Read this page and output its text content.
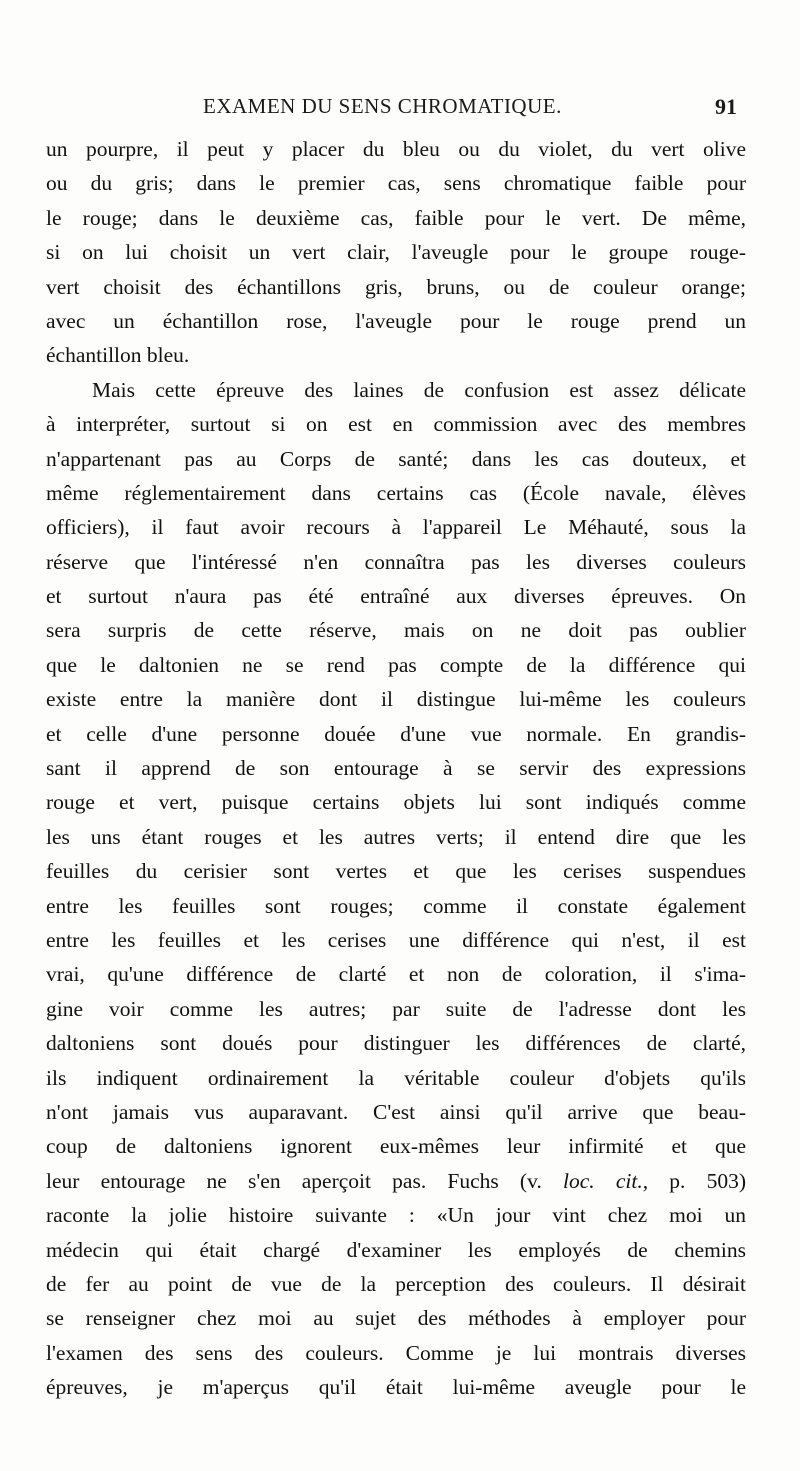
EXAMEN DU SENS CHROMATIQUE.	91
un pourpre, il peut y placer du bleu ou du violet, du vert olive
ou du gris; dans le premier cas, sens chromatique faible pour
le rouge; dans le deuxième cas, faible pour le vert. De même,
si on lui choisit un vert clair, l'aveugle pour le groupe rouge-
vert choisit des échantillons gris, bruns, ou de couleur orange;
avec un échantillon rose, l'aveugle pour le rouge prend un
échantillon bleu.
Mais cette épreuve des laines de confusion est assez délicate
à interpréter, surtout si on est en commission avec des membres
n'appartenant pas au Corps de santé; dans les cas douteux, et
même réglementairement dans certains cas (École navale, élèves
officiers), il faut avoir recours à l'appareil Le Méhauté, sous la
réserve que l'intéressé n'en connaîtra pas les diverses couleurs
et surtout n'aura pas été entraîné aux diverses épreuves. On
sera surpris de cette réserve, mais on ne doit pas oublier
que le daltonien ne se rend pas compte de la différence qui
existe entre la manière dont il distingue lui-même les couleurs
et celle d'une personne douée d'une vue normale. En grandis-
sant il apprend de son entourage à se servir des expressions
rouge et vert, puisque certains objets lui sont indiqués comme
les uns étant rouges et les autres verts; il entend dire que les
feuilles du cerisier sont vertes et que les cerises suspendues
entre les feuilles sont rouges; comme il constate également
entre les feuilles et les cerises une différence qui n'est, il est
vrai, qu'une différence de clarté et non de coloration, il s'ima-
gine voir comme les autres; par suite de l'adresse dont les
daltoniens sont doués pour distinguer les différences de clarté,
ils indiquent ordinairement la véritable couleur d'objets qu'ils
n'ont jamais vus auparavant. C'est ainsi qu'il arrive que beau-
coup de daltoniens ignorent eux-mêmes leur infirmité et que
leur entourage ne s'en aperçoit pas. Fuchs (v. loc. cit., p. 503)
raconte la jolie histoire suivante : «Un jour vint chez moi un
médecin qui était chargé d'examiner les employés de chemins
de fer au point de vue de la perception des couleurs. Il désirait
se renseigner chez moi au sujet des méthodes à employer pour
l'examen des sens des couleurs. Comme je lui montrais diverses
épreuves, je m'aperçus qu'il était lui-même aveugle pour le
